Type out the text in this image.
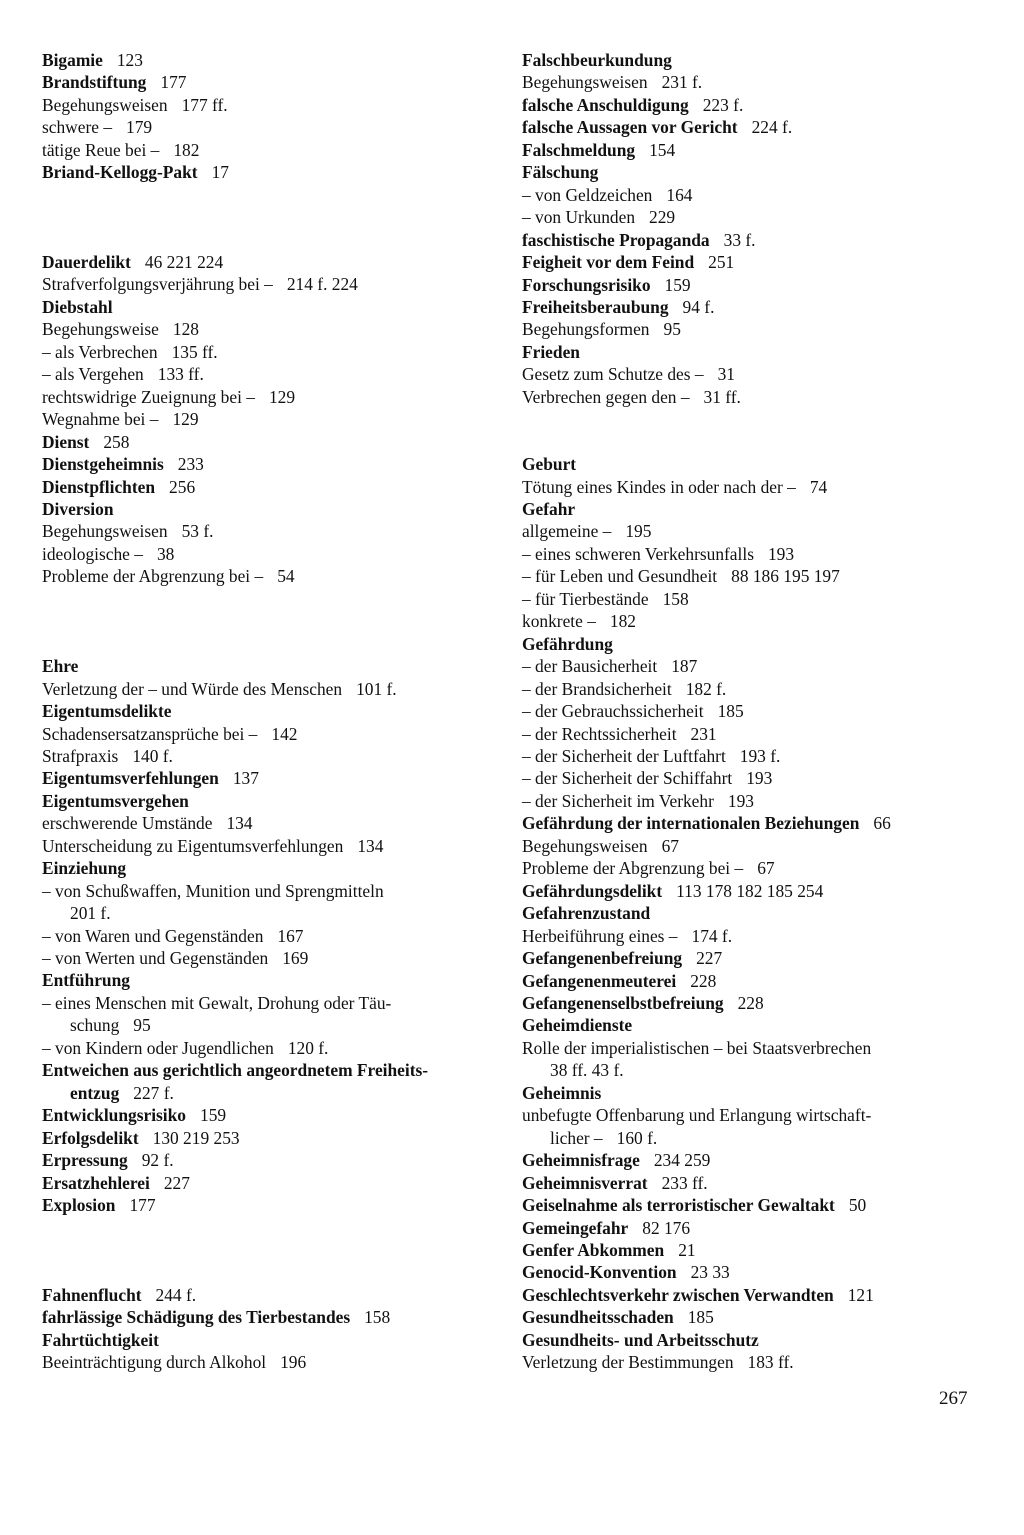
Bigamie 123
Brandstiftung 177
Begehungsweisen 177 ff.
schwere – 179
tätige Reue bei – 182
Briand-Kellogg-Pakt 17
Dauerdelikt 46 221 224
Strafverfolgungsverjährung bei – 214 f. 224
Diebstahl
Begehungsweise 128
– als Verbrechen 135 ff.
– als Vergehen 133 ff.
rechtswidrige Zueignung bei – 129
Wegnahme bei – 129
Dienst 258
Dienstgeheimnis 233
Dienstpflichten 256
Diversion
Begehungsweisen 53 f.
ideologische – 38
Probleme der Abgrenzung bei – 54
Ehre
Verletzung der – und Würde des Menschen 101 f.
Eigentumsdelikte
Schadensersatzansprüche bei – 142
Strafpraxis 140 f.
Eigentumsverfehlungen 137
Eigentumsvergehen
erschwerende Umstände 134
Unterscheidung zu Eigentumsverfehlungen 134
Einziehung
– von Schußwaffen, Munition und Sprengmitteln
201 f.
– von Waren und Gegenständen 167
– von Werten und Gegenständen 169
Entführung
– eines Menschen mit Gewalt, Drohung oder Täu-
schung 95
– von Kindern oder Jugendlichen 120 f.
Entweichen aus gerichtlich angeordnetem Freiheits-
entzug 227 f.
Entwicklungsrisiko 159
Erfolgsdelikt 130 219 253
Erpressung 92 f.
Ersatzhehlerei 227
Explosion 177
Fahnenflucht 244 f.
fahrlässige Schädigung des Tierbestandes 158
Fahrtüchtigkeit
Beeinträchtigung durch Alkohol 196
Falschbeurkundung
Begehungsweisen 231 f.
falsche Anschuldigung 223 f.
falsche Aussagen vor Gericht 224 f.
Falschmeldung 154
Fälschung
– von Geldzeichen 164
– von Urkunden 229
faschistische Propaganda 33 f.
Feigheit vor dem Feind 251
Forschungsrisiko 159
Freiheitsberaubung 94 f.
Begehungsformen 95
Frieden
Gesetz zum Schutze des – 31
Verbrechen gegen den – 31 ff.
Geburt
Tötung eines Kindes in oder nach der – 74
Gefahr
allgemeine – 195
– eines schweren Verkehrsunfalls 193
– für Leben und Gesundheit 88 186 195 197
– für Tierbestände 158
konkrete – 182
Gefährdung
– der Bausicherheit 187
– der Brandsicherheit 182 f.
– der Gebrauchssicherheit 185
– der Rechtssicherheit 231
– der Sicherheit der Luftfahrt 193 f.
– der Sicherheit der Schiffahrt 193
– der Sicherheit im Verkehr 193
Gefährdung der internationalen Beziehungen 66
Begehungsweisen 67
Probleme der Abgrenzung bei – 67
Gefährdungsdelikt 113 178 182 185 254
Gefahrenzustand
Herbeiführung eines – 174 f.
Gefangenenbefreiung 227
Gefangenenmeuterei 228
Gefangenenselbstbefreiung 228
Geheimdienste
Rolle der imperialistischen – bei Staatsverbrechen
38 ff. 43 f.
Geheimnis
unbefugte Offenbarung und Erlangung wirtschaft-
licher – 160 f.
Geheimnisfrage 234 259
Geheimnisverrat 233 ff.
Geiselnahme als terroristischer Gewaltakt 50
Gemeingefahr 82 176
Genfer Abkommen 21
Genocid-Konvention 23 33
Geschlechtsverkehr zwischen Verwandten 121
Gesundheitsschaden 185
Gesundheits- und Arbeitsschutz
Verletzung der Bestimmungen 183 ff.
267
